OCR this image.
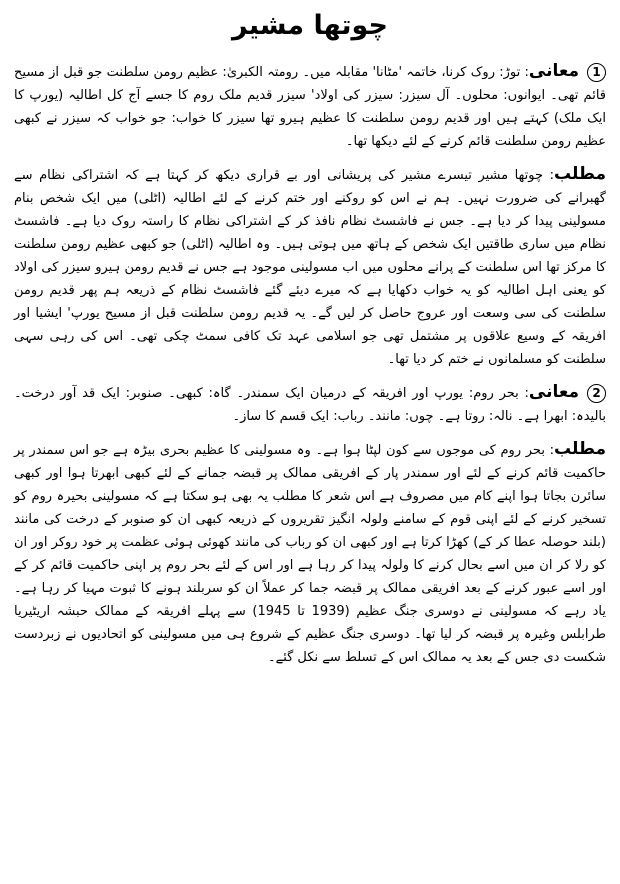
چوتھا مشیر

1معانی: توڑ: روک کرنا، خاتمہ 'مٹانا' مقابلہ میں۔ رومتہ الکبریٰ: عظیم رومن سلطنت جو قبل از مسیح قائم تھی۔ ایوانوں: محلوں۔ آل سیزر: سیزر کی اولاد' سیزر قدیم ملک روم کا جسے آج کل اطالیہ (یورپ کا ایک ملک) کہتے ہیں اور قدیم رومن سلطنت کا عظیم ہیرو تھا سیزر کا خواب: جو خواب کہ سیزر نے کبھی عظیم رومن سلطنت قائم کرنے کے لئے دیکھا تھا۔

مطلب: چوتھا مشیر تیسرے مشیر کی پریشانی اور بے قراری دیکھ کر کہتا ہے کہ اشتراکی نظام سے گھبرانے کی ضرورت نہیں۔ ہم نے اس کو روکنے اور ختم کرنے کے لئے اطالیہ (اٹلی) میں ایک شخص بنام مسولینی پیدا کر دیا ہے۔ جس نے فاشسٹ نظام نافذ کر کے اشتراکی نظام کا راستہ روک دیا ہے۔ فاشسٹ نظام میں ساری طاقتیں ایک شخص کے ہاتھ میں ہوتی ہیں۔ وہ اطالیہ (اٹلی) جو کبھی عظیم رومن سلطنت کا مرکز تھا اس سلطنت کے پرانے محلوں میں اب مسولینی موجود ہے جس نے قدیم رومن ہیرو سیزر کی اولاد کو یعنی اہل اطالیہ کو یہ خواب دکھایا ہے کہ میرے دیئے گئے فاشسٹ نظام کے ذریعہ ہم پھر قدیم رومن سلطنت کی سی وسعت اور عروج حاصل کر لیں گے۔ یہ قدیم رومن سلطنت قبل از مسیح یورپ' ایشیا اور افریقہ کے وسیع علاقوں پر مشتمل تھی جو اسلامی عہد تک کافی سمٹ چکی تھی۔ اس کی رہی سہی سلطنت کو مسلمانوں نے ختم کر دیا تھا۔

2معانی: بحر روم: یورپ اور افریقہ کے درمیان ایک سمندر۔ گاہ: کبھی۔ صنوبر: ایک قد آور درخت۔ بالیدہ: ابھرا ہے۔ نالہ: روتا ہے۔ چوں: مانند۔ رباب: ایک قسم کا ساز۔

مطلب: بحر روم کی موجوں سے کون لپٹا ہوا ہے۔ وہ مسولینی کا عظیم بحری بیڑہ ہے جو اس سمندر پر حاکمیت قائم کرنے کے لئے اور سمندر پار کے افریقی ممالک پر قبضہ جمانے کے لئے کبھی ابھرتا ہوا اور کبھی سائرن بجاتا ہوا اپنے کام میں مصروف ہے اس شعر کا مطلب یہ بھی ہو سکتا ہے کہ مسولینی بحیرہ روم کو تسخیر کرنے کے لئے اپنی قوم کے سامنے ولولہ انگیز تقریروں کے ذریعہ کبھی ان کو صنوبر کے درخت کی مانند (بلند حوصلہ عطا کر کے) کھڑا کرتا ہے اور کبھی ان کو رباب کی مانند کھوئی ہوئی عظمت پر خود روکر اور ان کو رلا کر ان میں اسے بحال کرنے کا ولولہ پیدا کر رہا ہے اور اس کے لئے بحر روم پر اپنی حاکمیت قائم کر کے اور اسے عبور کرنے کے بعد افریقی ممالک پر قبضہ جما کر عملاً ان کو سربلند ہونے کا ثبوت مہیا کر رہا ہے۔ یاد رہے کہ مسولینی نے دوسری جنگ عظیم (1939 تا 1945) سے پہلے افریقہ کے ممالک حبشہ اریٹیریا طرابلس وغیرہ پر قبضہ کر لیا تھا۔ دوسری جنگ عظیم کے شروع ہی میں مسولینی کو اتحادیوں نے زبردست شکست دی جس کے بعد یہ ممالک اس کے تسلط سے نکل گئے۔
